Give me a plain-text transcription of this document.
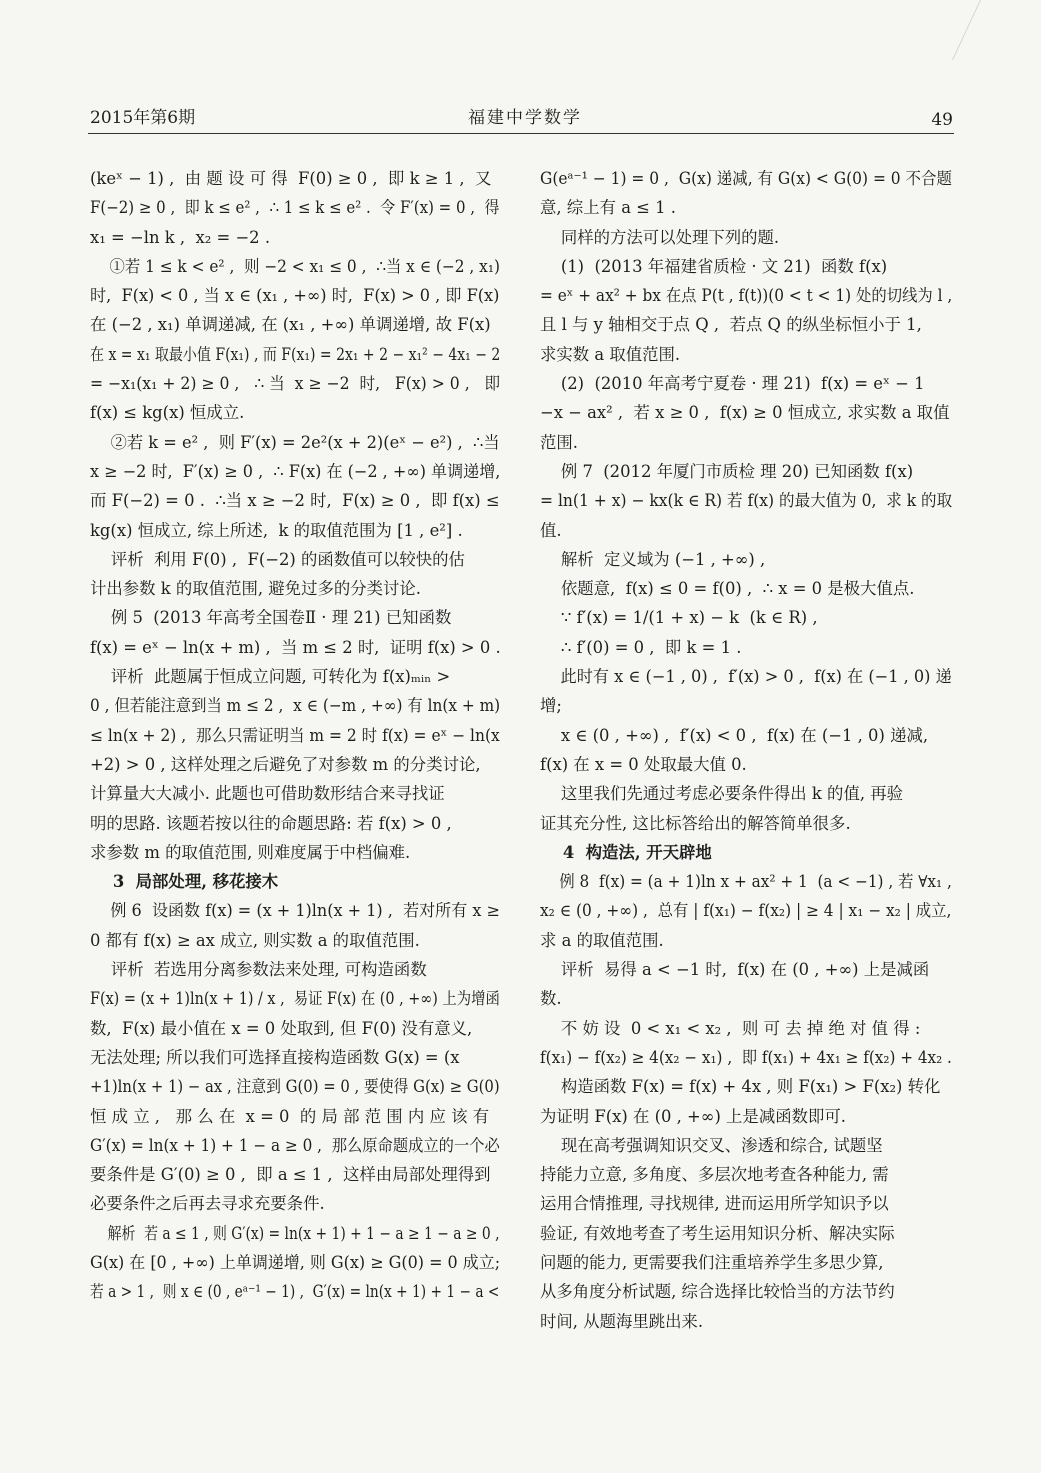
2015年第6期	福建中学数学	49

(keˣ − 1) ,  由 题 设 可 得  F(0) ≥ 0 ,  即 k ≥ 1 ,  又

F(−2) ≥ 0 ,  即 k ≤ e² ,  ∴ 1 ≤ k ≤ e² .  令 F′(x) = 0 ,  得

x₁ = −ln k ,  x₂ = −2 .

①若 1 ≤ k < e² ,  则 −2 < x₁ ≤ 0 ,  ∴当 x ∈ (−2 , x₁)

时,  F(x) < 0 , 当 x ∈ (x₁ , +∞) 时,  F(x) > 0 , 即 F(x)

在 (−2 , x₁) 单调递减, 在 (x₁ , +∞) 单调递增, 故 F(x)

在 x = x₁ 取最小值 F(x₁) , 而 F(x₁) = 2x₁ + 2 − x₁² − 4x₁ − 2

= −x₁(x₁ + 2) ≥ 0 ,   ∴ 当  x ≥ −2  时,   F(x) > 0 ,   即

f(x) ≤ kg(x) 恒成立.

②若 k = e² ,  则 F′(x) = 2e²(x + 2)(eˣ − e²) ,  ∴当

x ≥ −2 时,  F′(x) ≥ 0 ,  ∴ F(x) 在 (−2 , +∞) 单调递增,

而 F(−2) = 0 .  ∴当 x ≥ −2 时,  F(x) ≥ 0 ,  即 f(x) ≤

kg(x) 恒成立, 综上所述,  k 的取值范围为 [1 , e²] .

评析  利用 F(0) ,  F(−2) 的函数值可以较快的估

计出参数 k 的取值范围, 避免过多的分类讨论.

例 5  (2013 年高考全国卷Ⅱ · 理 21) 已知函数

f(x) = eˣ − ln(x + m) ,  当 m ≤ 2 时,  证明 f(x) > 0 .

评析  此题属于恒成立问题, 可转化为 f(x)ₘᵢₙ >

0 , 但若能注意到当 m ≤ 2 ,  x ∈ (−m , +∞) 有 ln(x + m)

≤ ln(x + 2) ,  那么只需证明当 m = 2 时 f(x) = eˣ − ln(x

+2) > 0 , 这样处理之后避免了对参数 m 的分类讨论,

计算量大大减小. 此题也可借助数形结合来寻找证

明的思路. 该题若按以往的命题思路: 若 f(x) > 0 ,

求参数 m 的取值范围, 则难度属于中档偏难.

3  局部处理, 移花接木

例 6  设函数 f(x) = (x + 1)ln(x + 1) ,  若对所有 x ≥

0 都有 f(x) ≥ ax 成立, 则实数 a 的取值范围.

评析  若选用分离参数法来处理, 可构造函数

F(x) = (x + 1)ln(x + 1) / x ,  易证 F(x) 在 (0 , +∞) 上为增函

数,  F(x) 最小值在 x = 0 处取到, 但 F(0) 没有意义,

无法处理; 所以我们可选择直接构造函数 G(x) = (x

+1)ln(x + 1) − ax , 注意到 G(0) = 0 , 要使得 G(x) ≥ G(0)

恒 成 立 ,   那 么 在  x = 0  的 局 部 范 围 内 应 该 有

G′(x) = ln(x + 1) + 1 − a ≥ 0 ,  那么原命题成立的一个必

要条件是 G′(0) ≥ 0 ,  即 a ≤ 1 ,  这样由局部处理得到

必要条件之后再去寻求充要条件.

解析  若 a ≤ 1 , 则 G′(x) = ln(x + 1) + 1 − a ≥ 1 − a ≥ 0 ,

G(x) 在 [0 , +∞) 上单调递增, 则 G(x) ≥ G(0) = 0 成立;

若 a > 1 ,  则 x ∈ (0 , eᵃ⁻¹ − 1) ,  G′(x) = ln(x + 1) + 1 − a <

G(eᵃ⁻¹ − 1) = 0 ,  G(x) 递减, 有 G(x) < G(0) = 0 不合题

意, 综上有 a ≤ 1 .

同样的方法可以处理下列的题.

(1)  (2013 年福建省质检 · 文 21)  函数 f(x)

= eˣ + ax² + bx 在点 P(t , f(t))(0 < t < 1) 处的切线为 l ,

且 l 与 y 轴相交于点 Q ,  若点 Q 的纵坐标恒小于 1,

求实数 a 取值范围.

(2)  (2010 年高考宁夏卷 · 理 21)  f(x) = eˣ − 1

−x − ax² ,  若 x ≥ 0 ,  f(x) ≥ 0 恒成立, 求实数 a 取值

范围.

例 7  (2012 年厦门市质检 理 20) 已知函数 f(x)

= ln(1 + x) − kx(k ∈ R) 若 f(x) 的最大值为 0,  求 k 的取

值.

解析  定义域为 (−1 , +∞) ,

依题意,  f(x) ≤ 0 = f(0) ,  ∴ x = 0 是极大值点.

∵ f′(x) = 1/(1 + x) − k  (k ∈ R) ,

∴ f′(0) = 0 ,  即 k = 1 .

此时有 x ∈ (−1 , 0) ,  f′(x) > 0 ,  f(x) 在 (−1 , 0) 递

增;

x ∈ (0 , +∞) ,  f′(x) < 0 ,  f(x) 在 (−1 , 0) 递减,

f(x) 在 x = 0 处取最大值 0.

这里我们先通过考虑必要条件得出 k 的值, 再验

证其充分性, 这比标答给出的解答简单很多.

4  构造法, 开天辟地

例 8  f(x) = (a + 1)ln x + ax² + 1  (a < −1) , 若 ∀x₁ ,

x₂ ∈ (0 , +∞) ,  总有 | f(x₁) − f(x₂) | ≥ 4 | x₁ − x₂ | 成立,

求 a 的取值范围.

评析  易得 a < −1 时,  f(x) 在 (0 , +∞) 上是减函

数.

不 妨 设  0 < x₁ < x₂ ,  则 可 去 掉 绝 对 值 得 :

f(x₁) − f(x₂) ≥ 4(x₂ − x₁) ,  即 f(x₁) + 4x₁ ≥ f(x₂) + 4x₂ .

构造函数 F(x) = f(x) + 4x , 则 F(x₁) > F(x₂) 转化

为证明 F(x) 在 (0 , +∞) 上是减函数即可.

现在高考强调知识交叉、渗透和综合, 试题坚

持能力立意, 多角度、多层次地考查各种能力, 需

运用合情推理, 寻找规律, 进而运用所学知识予以

验证, 有效地考查了考生运用知识分析、解决实际

问题的能力, 更需要我们注重培养学生多思少算,

从多角度分析试题, 综合选择比较恰当的方法节约

时间, 从题海里跳出来.
